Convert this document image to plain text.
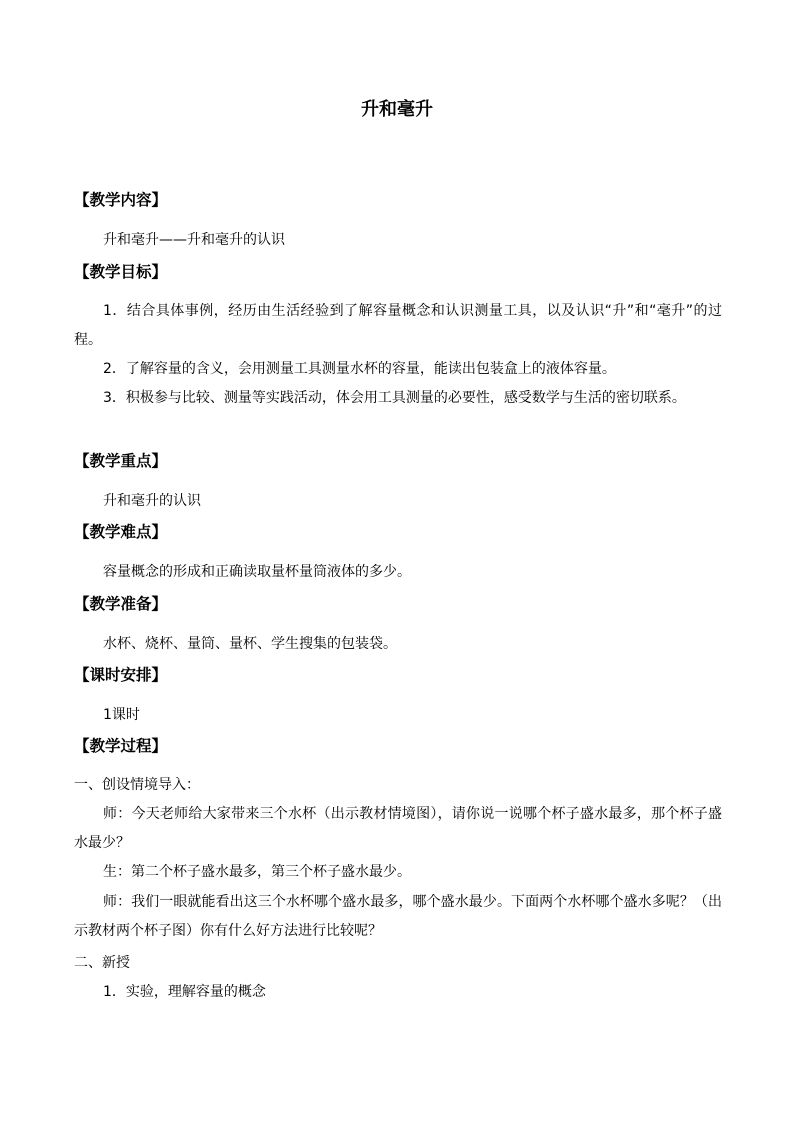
升和毫升
【教学内容】
升和毫升——升和毫升的认识
【教学目标】
1．结合具体事例，经历由生活经验到了解容量概念和认识测量工具，以及认识“升”和“毫升”的过程。
2．了解容量的含义，会用测量工具测量水杯的容量，能读出包装盒上的液体容量。
3．积极参与比较、测量等实践活动，体会用工具测量的必要性，感受数学与生活的密切联系。
【教学重点】
升和毫升的认识
【教学难点】
容量概念的形成和正确读取量杯量筒液体的多少。
【教学准备】
水杯、烧杯、量筒、量杯、学生搜集的包装袋。
【课时安排】
1课时
【教学过程】
一、创设情境导入：
师：今天老师给大家带来三个水杯（出示教材情境图），请你说一说哪个杯子盛水最多，那个杯子盛水最少？
生：第二个杯子盛水最多，第三个杯子盛水最少。
师：我们一眼就能看出这三个水杯哪个盛水最多，哪个盛水最少。下面两个水杯哪个盛水多呢？（出示教材两个杯子图）你有什么好方法进行比较呢？
二、新授
1．实验，理解容量的概念
